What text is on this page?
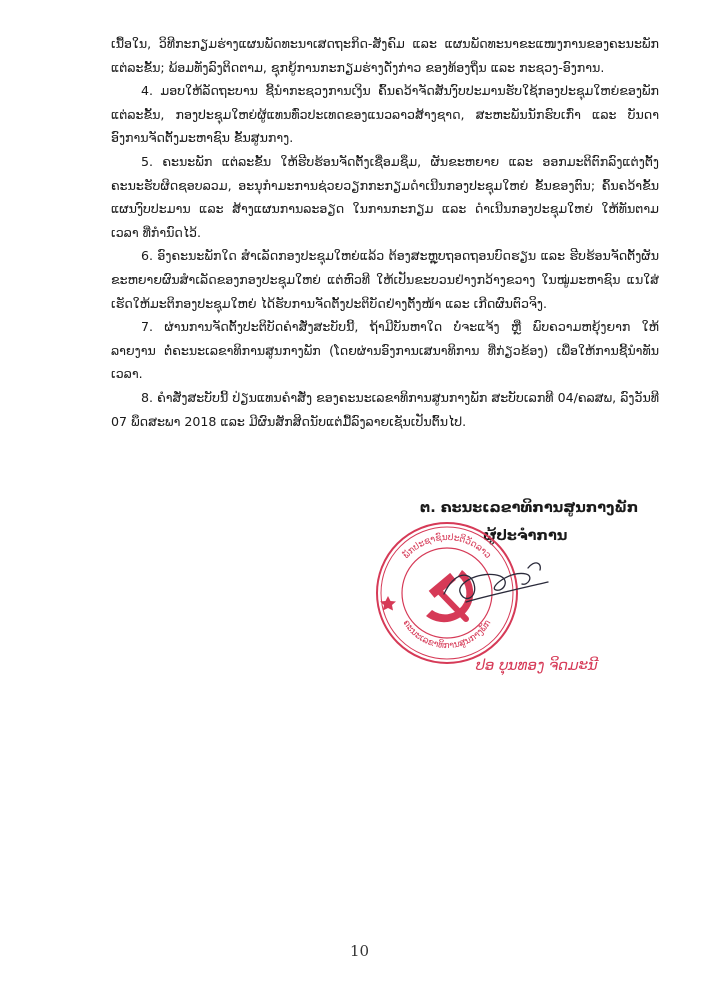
ເນື້ອໃນ, ວິທີກະກຽມຮ່າງແຜນພັດທະນາເສດຖະກິດ-ສັງຄົມ ແລະ ແຜນພັດທະນາຂະແໜງການຂອງຄະນະພັກ ແຕ່ລະຂັ້ນ; ພ້ອມທັງລົງຕິດຕາມ, ຊຸກຍູ້ການກະກຽມຮ່າງດັ່ງກ່າວ ຂອງທ້ອງຖິ່ນ ແລະ ກະຊວງ-ອົງການ.

4. ມອບໃຫ້ລັດຖະບານ ຊີ້ນໍາກະຊວງການເງິນ ຄົ້ນຄວ້າຈັດສັນງົບປະມານຮັບໃຊ້ກອງປະຊຸມໃຫຍ່ຂອງພັກ ແຕ່ລະຂັ້ນ, ກອງປະຊຸມໃຫຍ່ຜູ້ແທນທົ່ວປະເທດຂອງແນວລາວສ້າງຊາດ, ສະຫະພັນນັກຮົບເກົ່າ ແລະ ບັນດາອົງການຈັດຕັ້ງມະຫາຊົນ ຂັ້ນສູນກາງ.

5. ຄະນະພັກ ແຕ່ລະຂັ້ນ ໃຫ້ຮີບຮ້ອນຈັດຕັ້ງເຊື່ອມຊຶມ, ຜັນຂະຫຍາຍ ແລະ ອອກມະຕິຕົກລົງແຕ່ງຕັ້ງຄະນະຮັບຜິດຊອບລວມ, ອະນຸກໍາມະການຊ່ວຍວຽກກະກຽມດໍາເນີນກອງປະຊຸມໃຫຍ່ ຂັ້ນຂອງຕົນ; ຄົ້ນຄວ້າຂັ້ນແຜນງົບປະມານ ແລະ ສ້າງແຜນການລະອຽດ ໃນການກະກຽມ ແລະ ດໍາເນີນກອງປະຊຸມໃຫຍ່ ໃຫ້ທັນຕາມເວລາ ທີ່ກໍານົດໄວ້.

6. ອົງຄະນະພັກໃດ ສໍາເລັດກອງປະຊຸມໃຫຍ່ແລ້ວ ຕ້ອງສະຫຼຸບຖອດຖອນບົດຮຽນ ແລະ ຮີບຮ້ອນຈັດຕັ້ງຜັນຂະຫຍາຍຜົນສໍາເລັດຂອງກອງປະຊຸມໃຫຍ່ ແຕ່ຫົວທີ ໃຫ້ເປັນຂະບວນຢ່າງກວ້າງຂວາງ ໃນໝູ່ມະຫາຊົນ ແນໃສ່ເຮັດໃຫ້ມະຕິກອງປະຊຸມໃຫຍ່ ໄດ້ຮັບການຈັດຕັ້ງປະຕິບັດຢ່າງຕັ້ງໜ້າ ແລະ ເກີດຜົນຕົວຈິງ.

7. ຜ່ານການຈັດຕັ້ງປະຕິບັດຄໍາສັ່ງສະບັບນີ້, ຖ້າມີບັນຫາໃດ ບໍ່ຈະແຈ້ງ ຫຼື ພົບຄວາມຫຍຸ້ງຍາກ ໃຫ້ລາຍງານ ຕໍ່ຄະນະເລຂາທິການສູນກາງພັກ (ໂດຍຜ່ານອົງການເສນາທິການ ທີ່ກ່ຽວຂ້ອງ) ເພື່ອໃຫ້ການຊີ້ນໍາທັນເວລາ.

8. ຄໍາສັ່ງສະບັບນີ້ ປ່ຽນແທນຄໍາສັ່ງ ຂອງຄະນະເລຂາທິການສູນກາງພັກ ສະບັບເລກທີ 04/ຄລສພ, ລົງວັນທີ 07 ພຶດສະພາ 2018 ແລະ ມີຜົນສັກສິດນັບແຕ່ມື້ລົງລາຍເຊັນເປັນຕົ້ນໄປ.

ຕ. ຄະນະເລຂາທິການສູນກາງພັກ
ຜູ້ປະຈໍາການ
ພັກປະຊາຊົນປະຕິວັດລາວ
ຄະນະເລຂາທິການສູນກາງພັກ
ປອ ບຸນທອງ ຈິດມະນີ
10
